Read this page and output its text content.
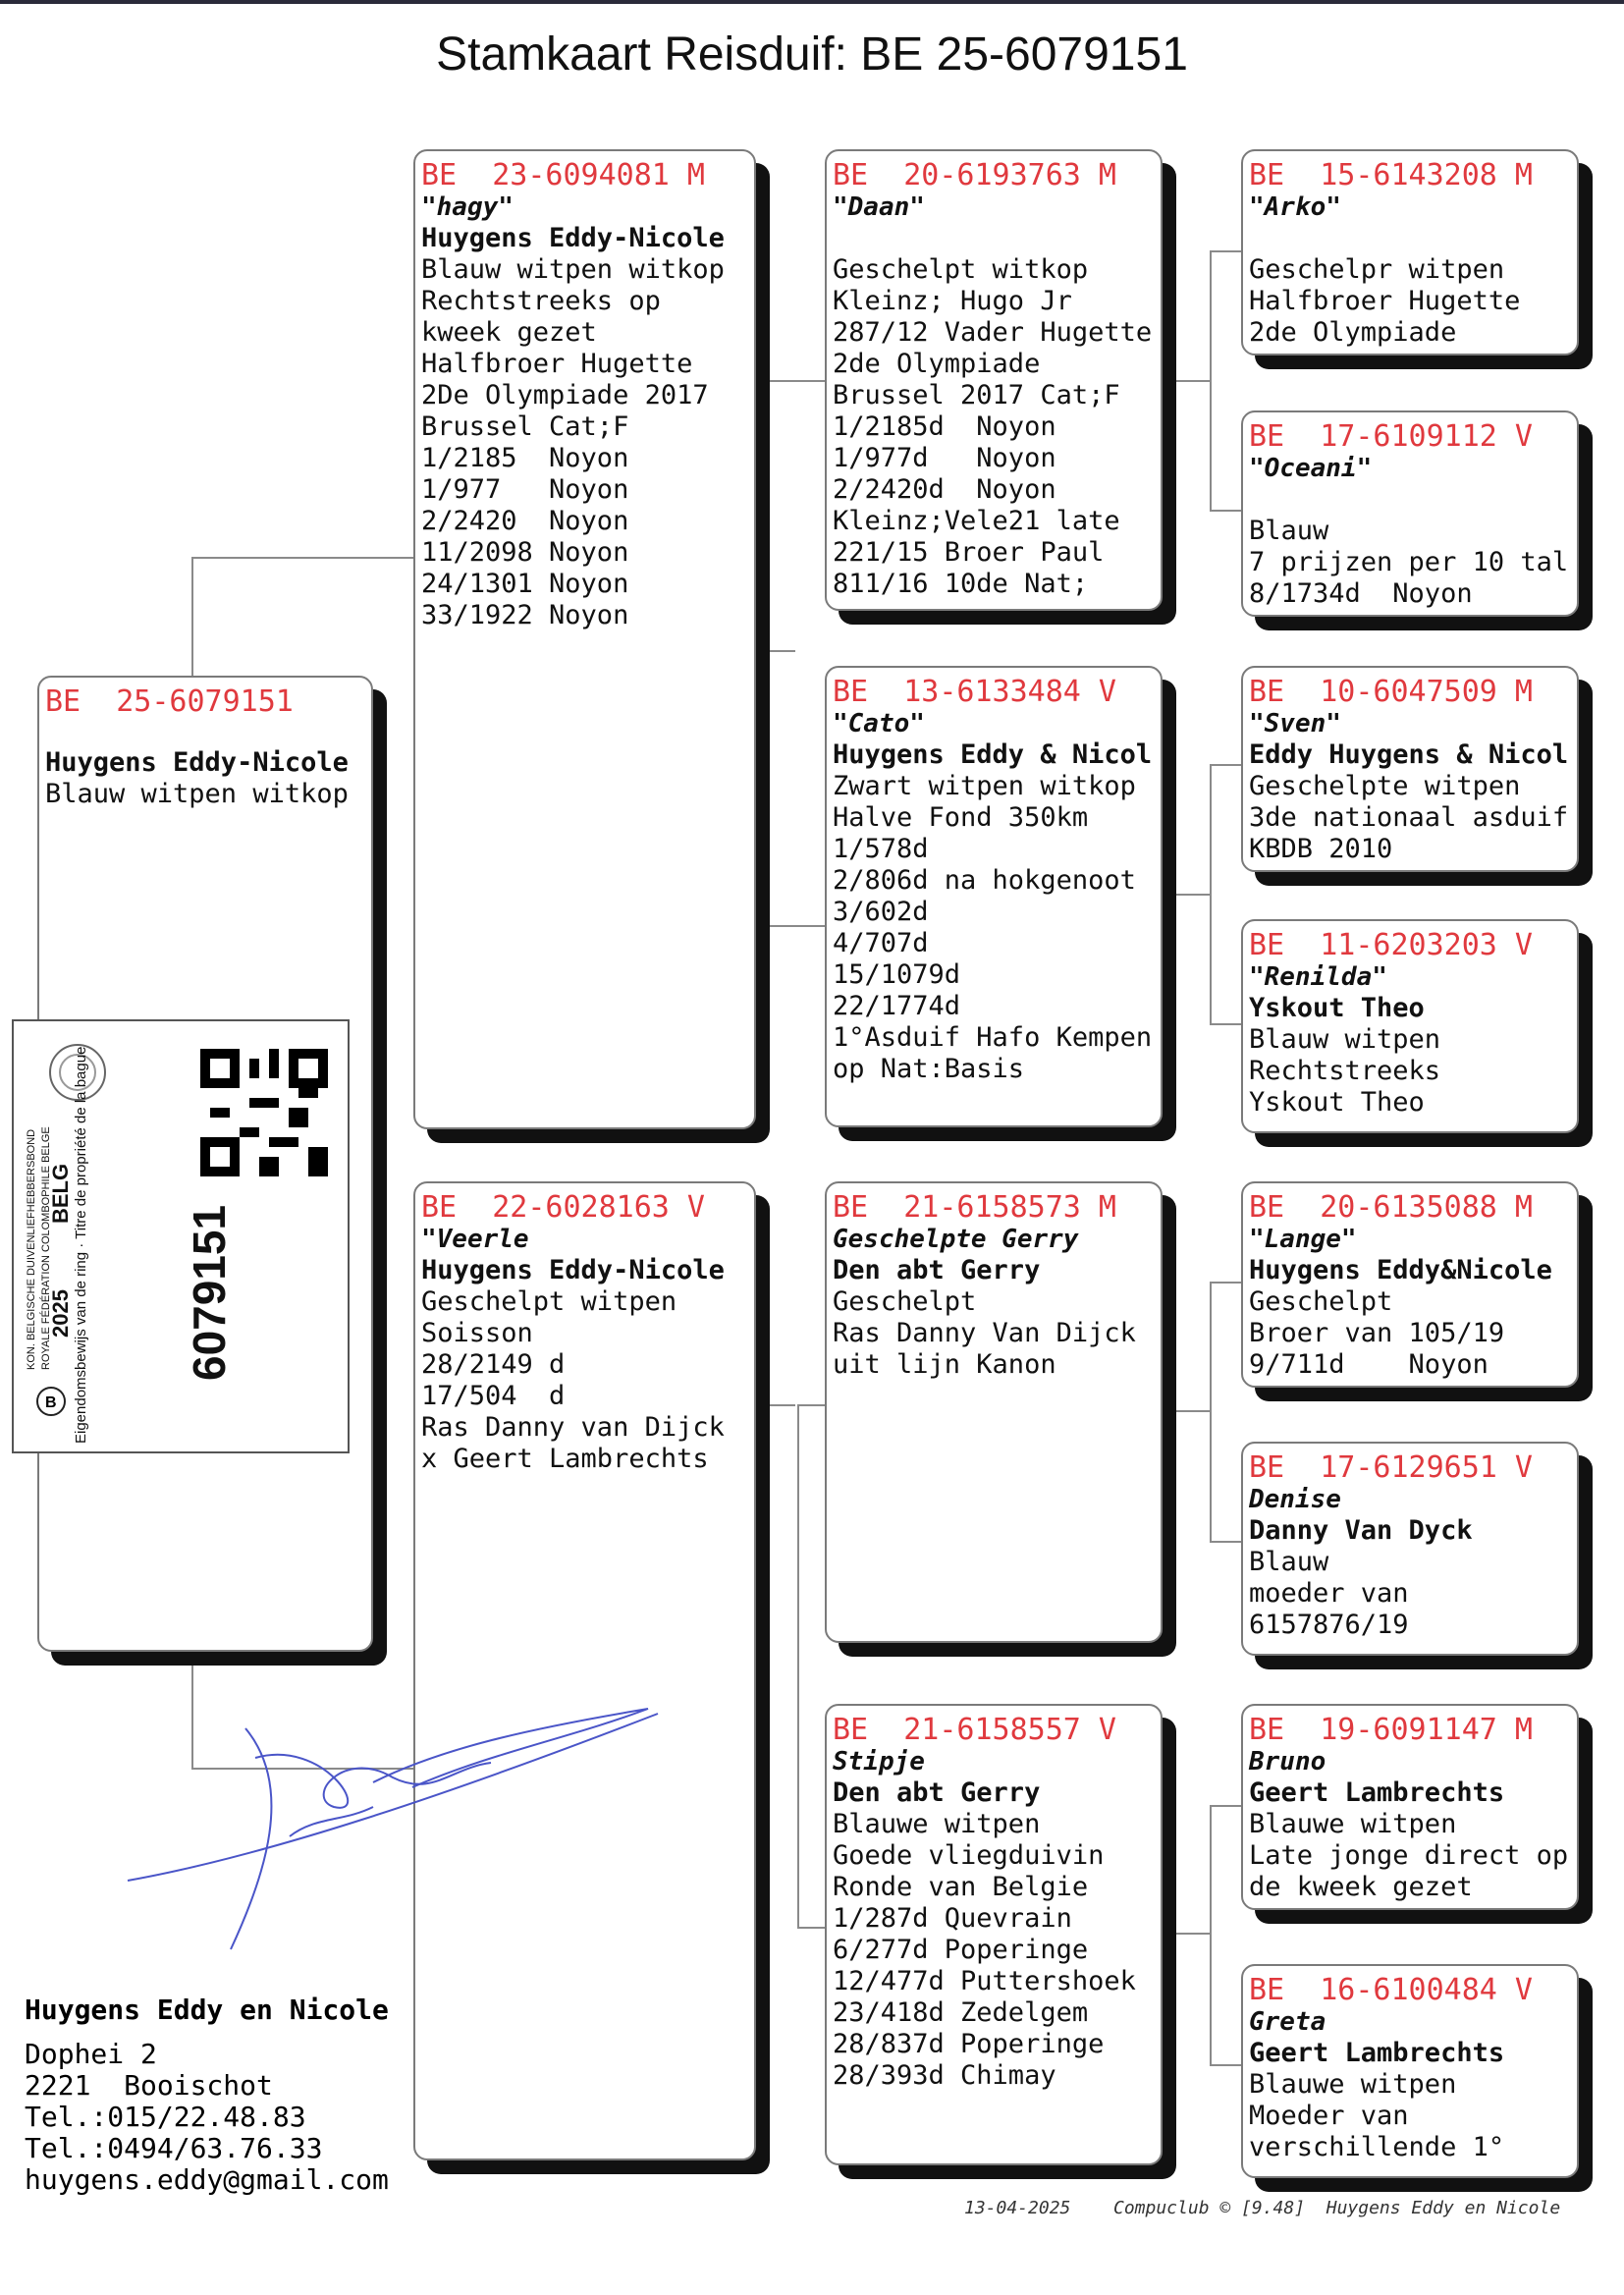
Stamkaart Reisduif: BE 25-6079151
BE  25-6079151
Huygens Eddy-Nicole
Blauw witpen witkop
Eigendomsbewijs van de ring · Titre de propriété de la bague
KON. BELGISCHE DUIVENLIEFHEBBERSBOND ROYALE FÉDÉRATION COLOMBOPHILE BELGE
2025
BELG
B
6079151
BE  23-6094081 M
"hagy"
Huygens Eddy-Nicole
Blauw witpen witkop
Rechtstreeks op
kweek gezet
Halfbroer Hugette
2De Olympiade 2017
Brussel Cat;F
1/2185  Noyon
1/977   Noyon
2/2420  Noyon
11/2098 Noyon
24/1301 Noyon
33/1922 Noyon
BE  22-6028163 V
"Veerle
Huygens Eddy-Nicole
Geschelpt witpen
Soisson
28/2149 d
17/504  d
Ras Danny van Dijck
x Geert Lambrechts
BE  20-6193763 M
"Daan"
Geschelpt witkop
Kleinz; Hugo Jr
287/12 Vader Hugette
2de Olympiade
Brussel 2017 Cat;F
1/2185d  Noyon
1/977d   Noyon
2/2420d  Noyon
Kleinz;Vele21 late
221/15 Broer Paul
811/16 10de Nat;
BE  13-6133484 V
"Cato"
Huygens Eddy & Nicol
Zwart witpen witkop
Halve Fond 350km
1/578d
2/806d na hokgenoot
3/602d
4/707d
15/1079d
22/1774d
1°Asduif Hafo Kempen
op Nat:Basis
BE  21-6158573 M
Geschelpte Gerry
Den abt Gerry
Geschelpt
Ras Danny Van Dijck
uit lijn Kanon
BE  21-6158557 V
Stipje
Den abt Gerry
Blauwe witpen
Goede vliegduivin
Ronde van Belgie
1/287d Quevrain
6/277d Poperinge
12/477d Puttershoek
23/418d Zedelgem
28/837d Poperinge
28/393d Chimay
BE  15-6143208 M
"Arko"
Geschelpr witpen
Halfbroer Hugette
2de Olympiade
BE  17-6109112 V
"Oceani"
Blauw
7 prijzen per 10 tal
8/1734d  Noyon
BE  10-6047509 M
"Sven"
Eddy Huygens & Nicol
Geschelpte witpen
3de nationaal asduif
KBDB 2010
BE  11-6203203 V
"Renilda"
Yskout Theo
Blauw witpen
Rechtstreeks
Yskout Theo
BE  20-6135088 M
"Lange"
Huygens Eddy&Nicole
Geschelpt
Broer van 105/19
9/711d    Noyon
BE  17-6129651 V
Denise
Danny Van Dyck
Blauw
moeder van
6157876/19
BE  19-6091147 M
Bruno
Geert Lambrechts
Blauwe witpen
Late jonge direct op
de kweek gezet
BE  16-6100484 V
Greta
Geert Lambrechts
Blauwe witpen
Moeder van
verschillende 1°
Huygens Eddy en Nicole
Dophei 2
2221  Booischot
Tel.:015/22.48.83
Tel.:0494/63.76.33
huygens.eddy@gmail.com
13-04-2025 Compuclub © [9.48]  Huygens Eddy en Nicole
